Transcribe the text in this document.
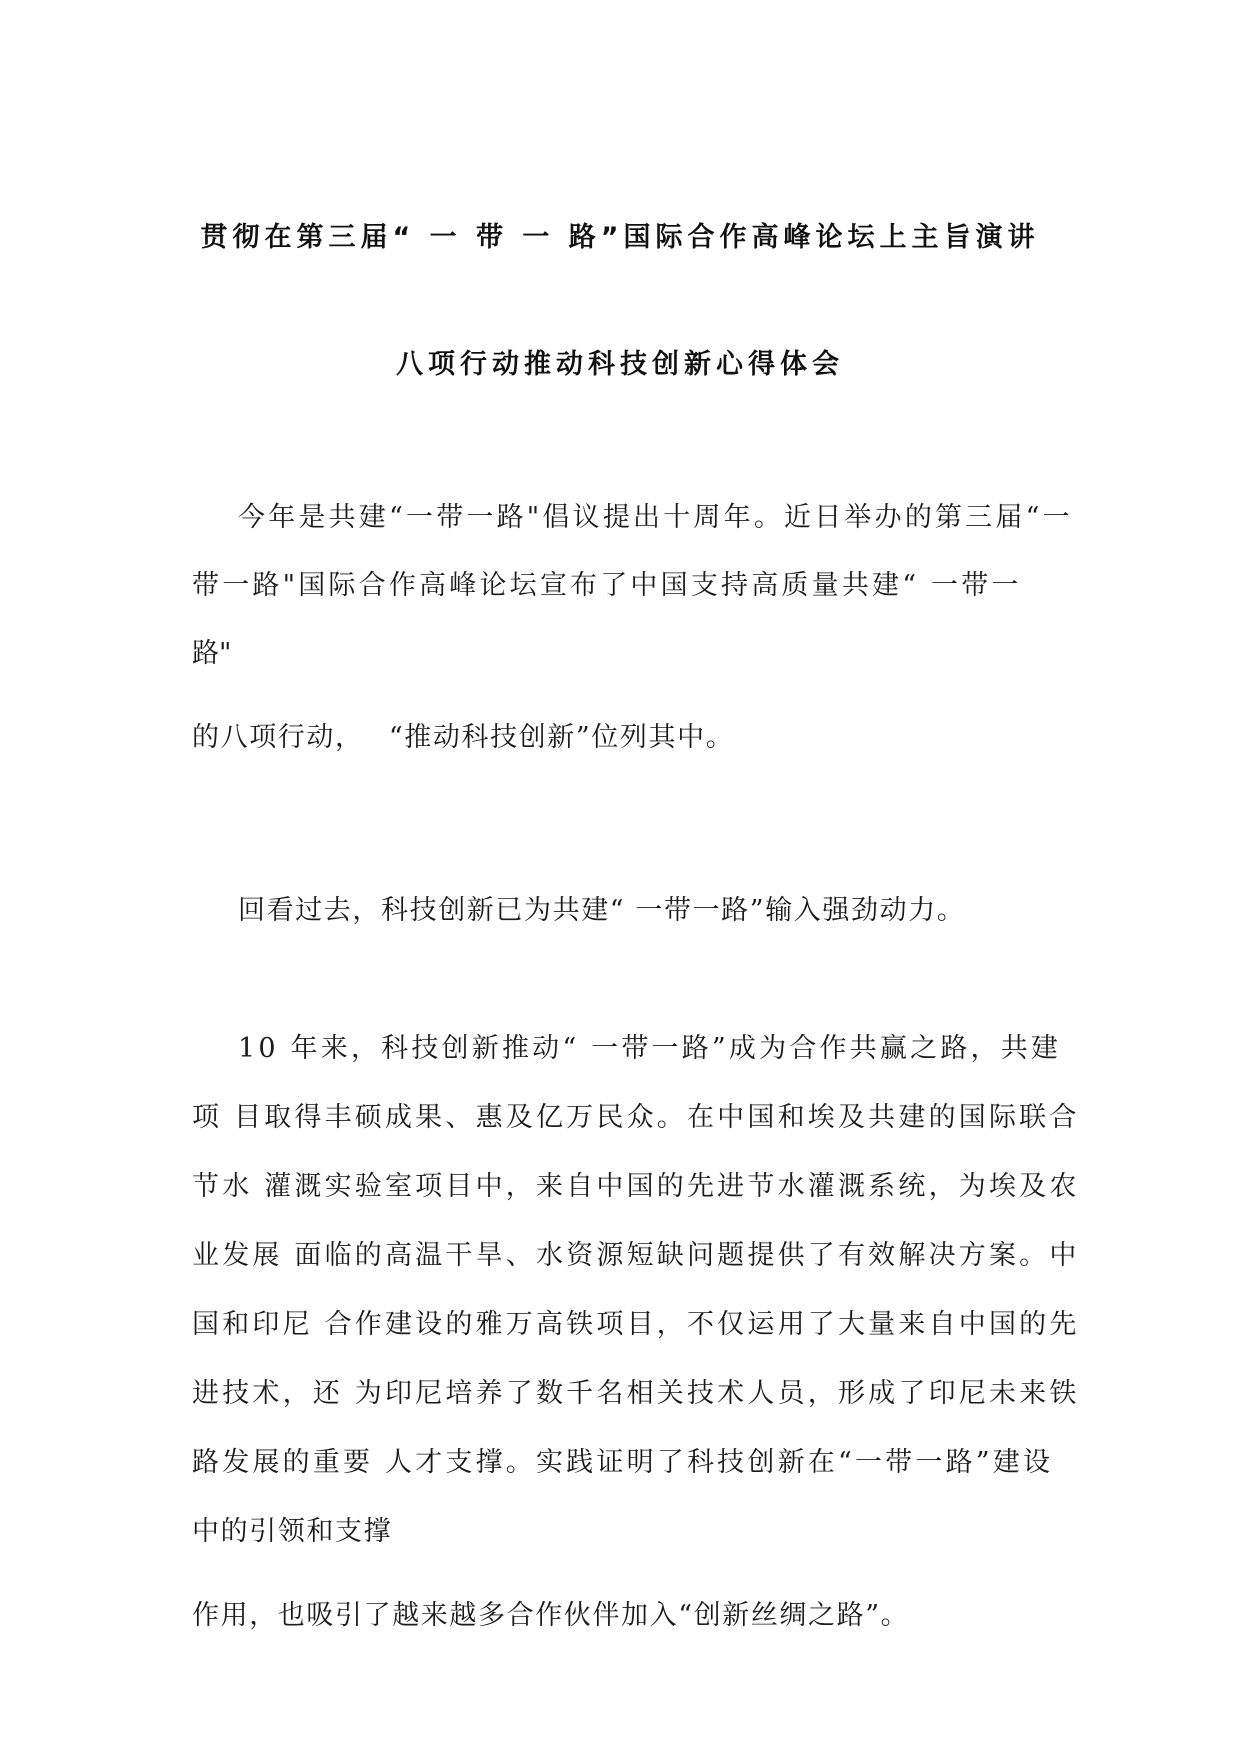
贯彻在第三届“ 一 带 一 路”国际合作高峰论坛上主旨演讲
八项行动推动科技创新心得体会
今年是共建“一带一路"倡议提出十周年。近日举办的第三届“一
带一路"国际合作高峰论坛宣布了中国支持高质量共建“ 一带一
路"
的八项行动，　 “推动科技创新”位列其中。
回看过去，科技创新已为共建“ 一带一路”输入强劲动力。
10 年来，科技创新推动“ 一带一路”成为合作共赢之路，共建
项 目取得丰硕成果、惠及亿万民众。在中国和埃及共建的国际联合
节水 灌溉实验室项目中，来自中国的先进节水灌溉系统，为埃及农
业发展 面临的高温干旱、水资源短缺问题提供了有效解决方案。中
国和印尼 合作建设的雅万高铁项目，不仅运用了大量来自中国的先
进技术，还 为印尼培养了数千名相关技术人员，形成了印尼未来铁
路发展的重要 人才支撑。实践证明了科技创新在“一带一路”建设
中的引领和支撑
作用，也吸引了越来越多合作伙伴加入“创新丝绸之路”。
